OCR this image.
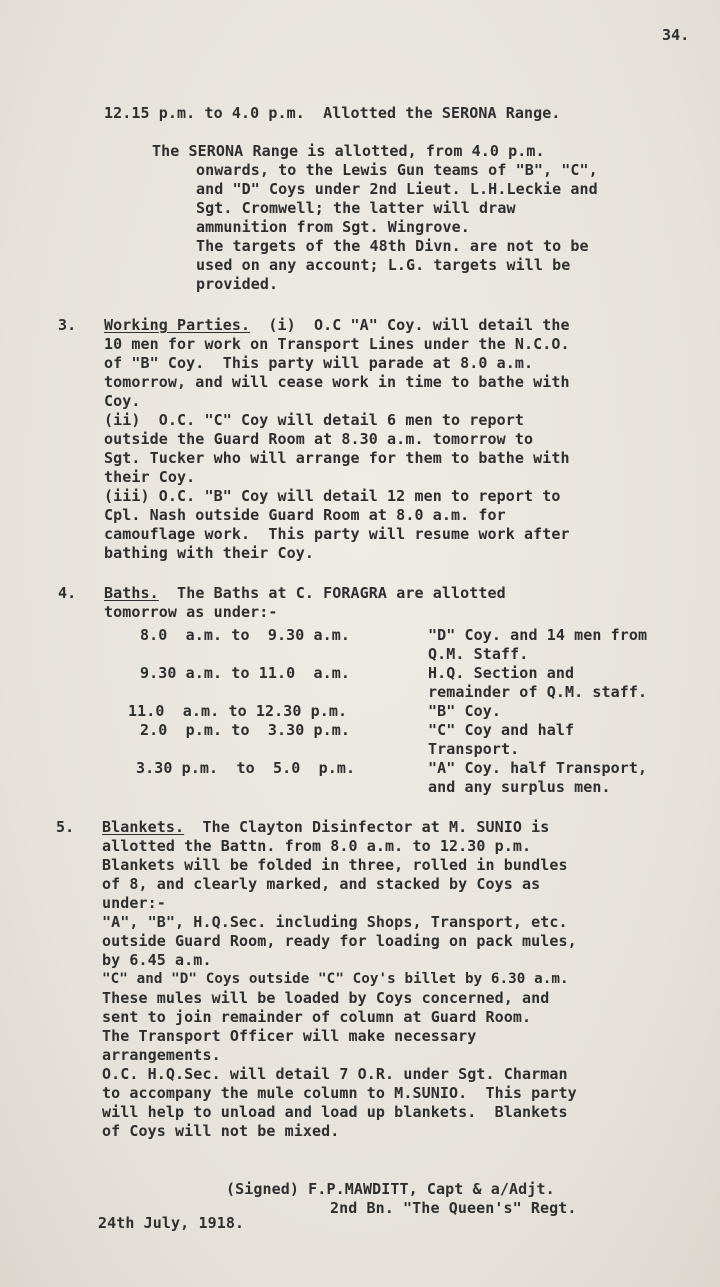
34.
12.15 p.m. to 4.0 p.m.  Allotted the SERONA Range.
The SERONA Range is allotted, from 4.0 p.m.
onwards, to the Lewis Gun teams of "B", "C",
and "D" Coys under 2nd Lieut. L.H.Leckie and
Sgt. Cromwell; the latter will draw
ammunition from Sgt. Wingrove.
The targets of the 48th Divn. are not to be
used on any account; L.G. targets will be
provided.
3. Working Parties.  (i)  O.C "A" Coy. will detail the
10 men for work on Transport Lines under the N.C.O.
of "B" Coy.  This party will parade at 8.0 a.m.
tomorrow, and will cease work in time to bathe with
Coy.
(ii)  O.C. "C" Coy will detail 6 men to report
outside the Guard Room at 8.30 a.m. tomorrow to
Sgt. Tucker who will arrange for them to bathe with
their Coy.
(iii) O.C. "B" Coy will detail 12 men to report to
Cpl. Nash outside Guard Room at 8.0 a.m. for
camouflage work.  This party will resume work after
bathing with their Coy.
4. Baths.  The Baths at C. FORAGRA are allotted
tomorrow as under:-
8.0  a.m. to  9.30 a.m.	"D" Coy. and 14 men from
Q.M. Staff.
9.30 a.m. to 11.0  a.m.	H.Q. Section and
remainder of Q.M. staff.
11.0  a.m. to 12.30 p.m.	"B" Coy.
2.0  p.m. to  3.30 p.m.	"C" Coy and half
Transport.
3.30 p.m.  to  5.0  p.m.	"A" Coy. half Transport,
and any surplus men.
5. Blankets.  The Clayton Disinfector at M. SUNIO is
allotted the Battn. from 8.0 a.m. to 12.30 p.m.
Blankets will be folded in three, rolled in bundles
of 8, and clearly marked, and stacked by Coys as
under:-
"A", "B", H.Q.Sec. including Shops, Transport, etc.
outside Guard Room, ready for loading on pack mules,
by 6.45 a.m.
"C" and "D" Coys outside "C" Coy's billet by 6.30 a.m.
These mules will be loaded by Coys concerned, and
sent to join remainder of column at Guard Room.
The Transport Officer will make necessary
arrangements.
O.C. H.Q.Sec. will detail 7 O.R. under Sgt. Charman
to accompany the mule column to M.SUNIO.  This party
will help to unload and load up blankets.  Blankets
of Coys will not be mixed.
(Signed) F.P.MAWDITT, Capt & a/Adjt.
2nd Bn. "The Queen's" Regt.
24th July, 1918.
